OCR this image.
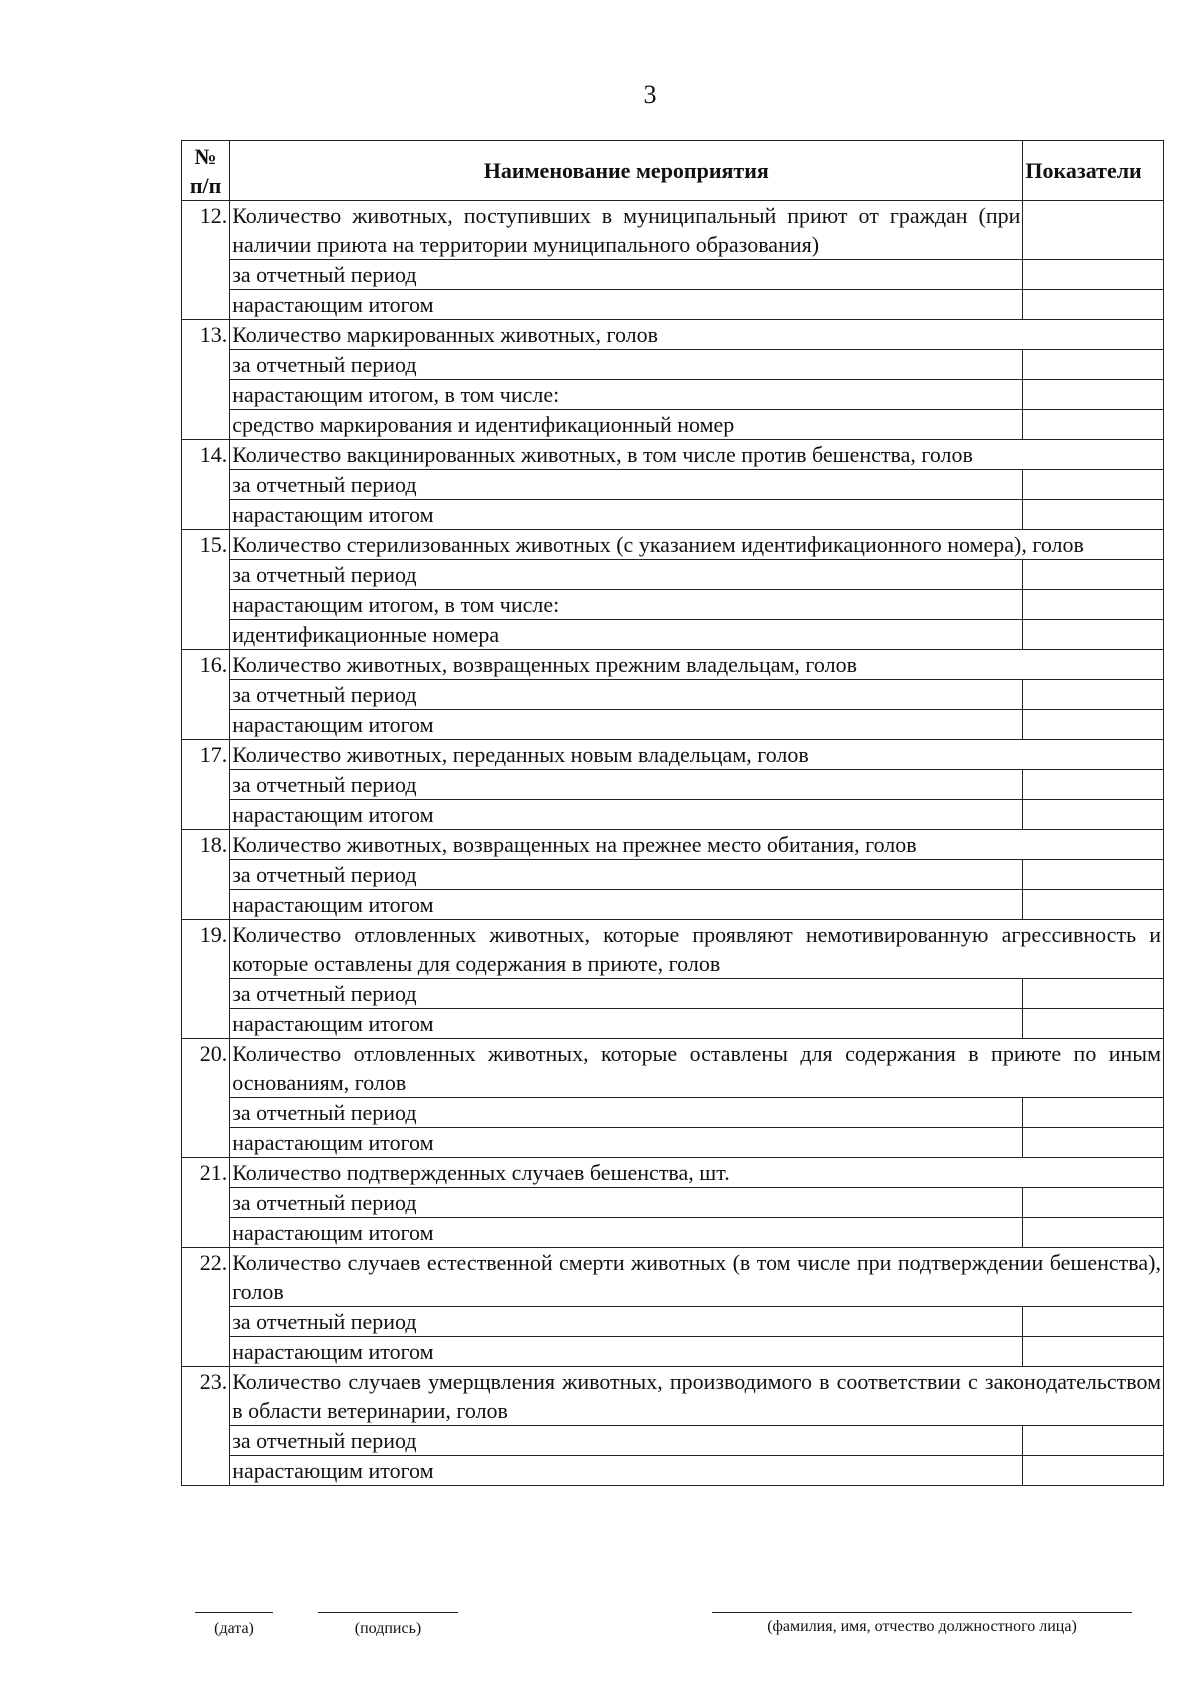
3
№ п/п	Наименование мероприятия	Показатели
12.	Количество животных, поступивших в муниципальный приют от граждан (при наличии приюта на территории муниципального образования)	
	за отчетный период	
	нарастающим итогом	
13.	Количество маркированных животных, голов	
	за отчетный период	
	нарастающим итогом, в том числе:	
	средство маркирования и идентификационный номер	
14.	Количество вакцинированных животных, в том числе против бешенства, голов	
	за отчетный период	
	нарастающим итогом	
15.	Количество стерилизованных животных (с указанием идентификационного номера), голов	
	за отчетный период	
	нарастающим итогом, в том числе:	
	идентификационные номера	
16.	Количество животных, возвращенных прежним владельцам, голов	
	за отчетный период	
	нарастающим итогом	
17.	Количество животных, переданных новым владельцам, голов	
	за отчетный период	
	нарастающим итогом	
18.	Количество животных, возвращенных на прежнее место обитания, голов	
	за отчетный период	
	нарастающим итогом	
19.	Количество отловленных животных, которые проявляют немотивированную агрессивность и которые оставлены для содержания в приюте, голов	
	за отчетный период	
	нарастающим итогом	
20.	Количество отловленных животных, которые оставлены для содержания в приюте по иным основаниям, голов	
	за отчетный период	
	нарастающим итогом	
21.	Количество подтвержденных случаев бешенства, шт.	
	за отчетный период	
	нарастающим итогом	
22.	Количество случаев естественной смерти животных (в том числе при подтверждении бешенства), голов	
	за отчетный период	
	нарастающим итогом	
23.	Количество случаев умерщвления животных, производимого в соответствии с законодательством в области ветеринарии, голов	
	за отчетный период	
	нарастающим итогом	
(дата)	(подпись)	(фамилия, имя, отчество должностного лица)
